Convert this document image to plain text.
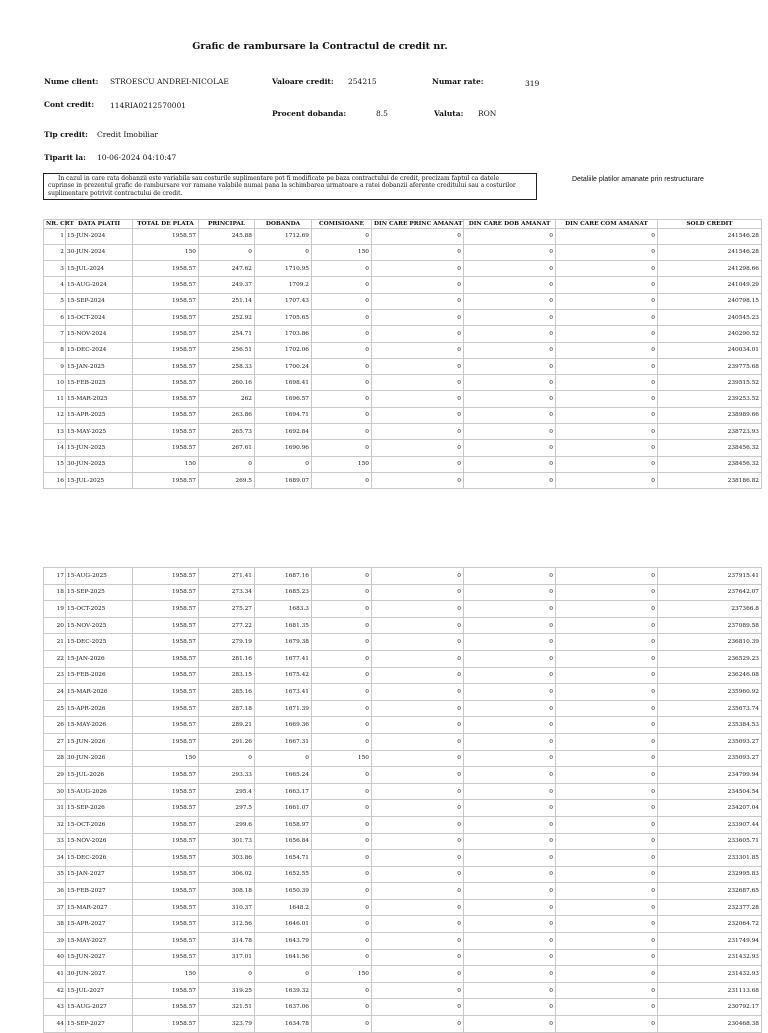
Grafic de rambursare la Contractul de credit nr.
Nume client: STROESCU ANDREI-NICOLAE	Valoare credit: 254215	Numar rate:	319
Cont credit: 114RIA0212570001
Procent dobanda:	8.5	Valuta: RON
Tip credit: Credit Imobiliar
Tiparit la: 10-06-2024 04:10:47
In cazul in care rata dobanzii este variabila sau costurile suplimentare pot fi modificate pe baza contractului de credit, precizam faptul ca datele
cuprinse in prezentul grafic de rambursare vor ramane valabile numai pana la schimbarea urmatoare a ratei dobanzii aferente creditului sau a costurilor
suplimentare potrivit contractului de credit.
Detaliile platilor amanate prin restructurare
NR. CRT	DATA PLATII	TOTAL DE PLATA	PRINCIPAL	DOBANDA	COMISIOANE	DIN CARE PRINC AMANAT	DIN CARE DOB AMANAT	DIN CARE COM AMANAT	SOLD CREDIT
1	15-JUN-2024	1958.57	245.88	1712.69	0	0	0	0	241546.28
2	30-JUN-2024	150	0	0	150	0	0	0	241546.28
3	15-JUL-2024	1958.57	247.62	1710.95	0	0	0	0	241298.66
4	15-AUG-2024	1958.57	249.37	1709.2	0	0	0	0	241049.29
5	15-SEP-2024	1958.57	251.14	1707.43	0	0	0	0	240798.15
6	15-OCT-2024	1958.57	252.92	1705.65	0	0	0	0	240545.23
7	15-NOV-2024	1958.57	254.71	1703.86	0	0	0	0	240290.52
8	15-DEC-2024	1958.57	256.51	1702.06	0	0	0	0	240034.01
9	15-JAN-2025	1958.57	258.33	1700.24	0	0	0	0	239775.68
10	15-FEB-2025	1958.57	260.16	1698.41	0	0	0	0	239515.52
11	15-MAR-2025	1958.57	262	1696.57	0	0	0	0	239253.52
12	15-APR-2025	1958.57	263.86	1694.71	0	0	0	0	238989.66
13	15-MAY-2025	1958.57	265.73	1692.84	0	0	0	0	238723.93
14	15-JUN-2025	1958.57	267.61	1690.96	0	0	0	0	238456.32
15	30-JUN-2025	150	0	0	150	0	0	0	238456.32
16	15-JUL-2025	1958.57	269.5	1689.07	0	0	0	0	238186.82
17	15-AUG-2025	1958.57	271.41	1687.16	0	0	0	0	237915.41
18	15-SEP-2025	1958.57	273.34	1685.23	0	0	0	0	237642.07
19	15-OCT-2025	1958.57	275.27	1683.3	0	0	0	0	237366.8
20	15-NOV-2025	1958.57	277.22	1681.35	0	0	0	0	237089.58
21	15-DEC-2025	1958.57	279.19	1679.38	0	0	0	0	236810.39
22	15-JAN-2026	1958.57	281.16	1677.41	0	0	0	0	236529.23
23	15-FEB-2026	1958.57	283.15	1675.42	0	0	0	0	236246.08
24	15-MAR-2026	1958.57	285.16	1673.41	0	0	0	0	235960.92
25	15-APR-2026	1958.57	287.18	1671.39	0	0	0	0	235673.74
26	15-MAY-2026	1958.57	289.21	1669.36	0	0	0	0	235384.53
27	15-JUN-2026	1958.57	291.26	1667.31	0	0	0	0	235093.27
28	30-JUN-2026	150	0	0	150	0	0	0	235093.27
29	15-JUL-2026	1958.57	293.33	1665.24	0	0	0	0	234799.94
30	15-AUG-2026	1958.57	295.4	1663.17	0	0	0	0	234504.54
31	15-SEP-2026	1958.57	297.5	1661.07	0	0	0	0	234207.04
32	15-OCT-2026	1958.57	299.6	1658.97	0	0	0	0	233907.44
33	15-NOV-2026	1958.57	301.73	1656.84	0	0	0	0	233605.71
34	15-DEC-2026	1958.57	303.86	1654.71	0	0	0	0	233301.85
35	15-JAN-2027	1958.57	306.02	1652.55	0	0	0	0	232995.83
36	15-FEB-2027	1958.57	308.18	1650.39	0	0	0	0	232687.65
37	15-MAR-2027	1958.57	310.37	1648.2	0	0	0	0	232377.28
38	15-APR-2027	1958.57	312.56	1646.01	0	0	0	0	232064.72
39	15-MAY-2027	1958.57	314.78	1643.79	0	0	0	0	231749.94
40	15-JUN-2027	1958.57	317.01	1641.56	0	0	0	0	231432.93
41	30-JUN-2027	150	0	0	150	0	0	0	231432.93
42	15-JUL-2027	1958.57	319.25	1639.32	0	0	0	0	231113.68
43	15-AUG-2027	1958.57	321.51	1637.06	0	0	0	0	230792.17
44	15-SEP-2027	1958.57	323.79	1634.78	0	0	0	0	230468.38
